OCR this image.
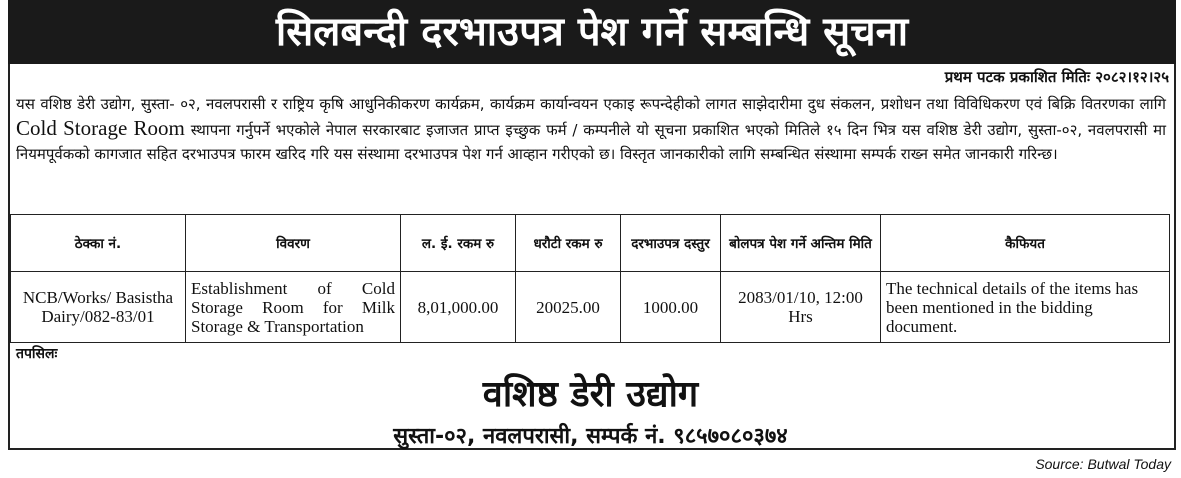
सिलबन्दी दरभाउपत्र पेश गर्ने सम्बन्धि सूचना
प्रथम पटक प्रकाशित मितिः २०८२।१२।२५
यस वशिष्ठ डेरी उद्योग, सुस्ता- ०२, नवलपरासी र राष्ट्रिय कृषि आधुनिकीकरण कार्यक्रम, कार्यक्रम कार्यान्वयन एकाइ रूपन्देहीको लागत साझेदारीमा दुध संकलन, प्रशोधन तथा विविधिकरण एवं बिक्रि वितरणका लागि Cold Storage Room स्थापना गर्नुपर्ने भएकोले नेपाल सरकारबाट इजाजत प्राप्त इच्छुक फर्म / कम्पनीले यो सूचना प्रकाशित भएको मितिले १५ दिन भित्र यस वशिष्ठ डेरी उद्योग, सुस्ता-०२, नवलपरासी मा नियमपूर्वकको कागजात सहित दरभाउपत्र फारम खरिद गरि यस संस्थामा दरभाउपत्र पेश गर्न आव्हान गरीएको छ। विस्तृत जानकारीको लागि सम्बन्धित संस्थामा सम्पर्क राख्न समेत जानकारी गरिन्छ।
ठेक्का नं.	विवरण	ल. ई. रकम रु	धरौटी रकम रु	दरभाउपत्र दस्तुर	बोलपत्र पेश गर्ने अन्तिम मिति	कैफियत
NCB/Works/ Basistha Dairy/082-83/01	Establishment of Cold Storage Room for Milk Storage & Transportation	8,01,000.00	20025.00	1000.00	2083/01/10, 12:00 Hrs	The technical details of the items has been mentioned in the bidding document.
तपसिलः
वशिष्ठ डेरी उद्योग
सुस्ता-०२, नवलपरासी, सम्पर्क नं. ९८५७०८०३७४
Source: Butwal Today
